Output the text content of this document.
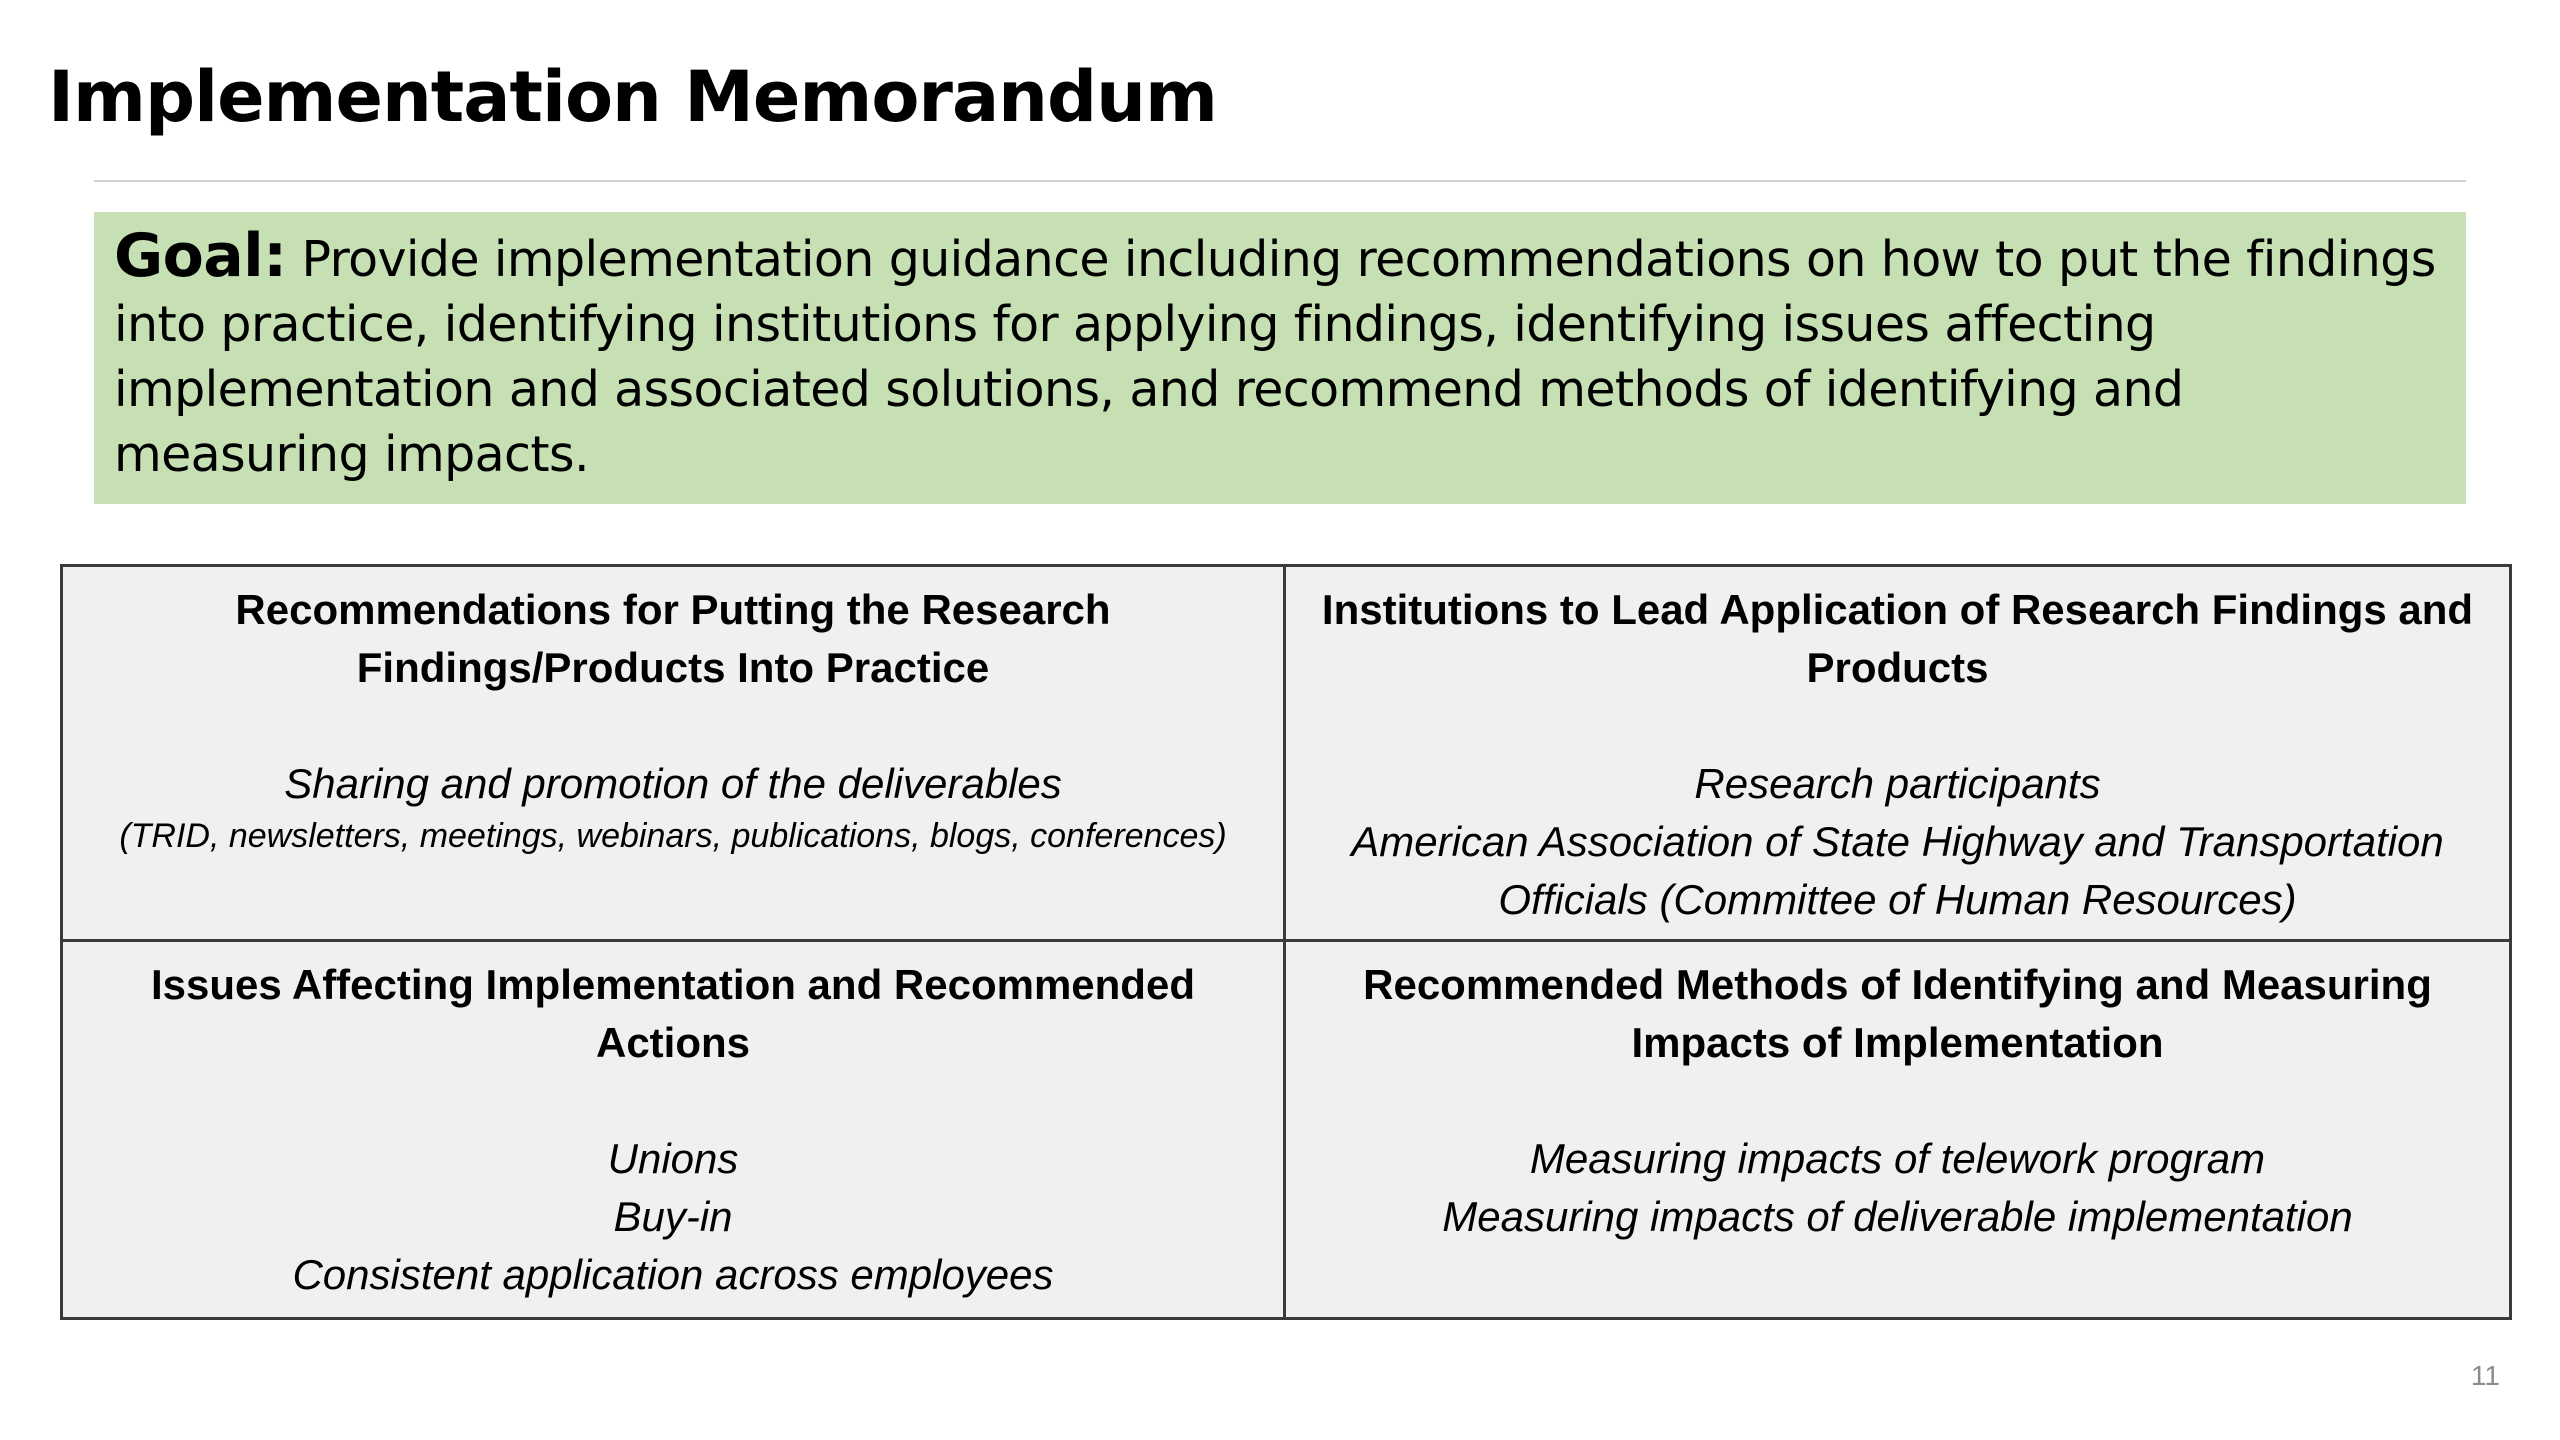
Implementation Memorandum
Goal: Provide implementation guidance including recommendations on how to put the findings into practice, identifying institutions for applying findings, identifying issues affecting implementation and associated solutions, and recommend methods of identifying and measuring impacts.
Recommendations for Putting the Research Findings/Products Into Practice
Sharing and promotion of the deliverables
(TRID, newsletters, meetings, webinars, publications, blogs, conferences)
Institutions to Lead Application of Research Findings and Products
Research participants
American Association of State Highway and Transportation Officials (Committee of Human Resources)
Issues Affecting Implementation and Recommended Actions
Unions
Buy-in
Consistent application across employees
Recommended Methods of Identifying and Measuring Impacts of Implementation
Measuring impacts of telework program
Measuring impacts of deliverable implementation
11
